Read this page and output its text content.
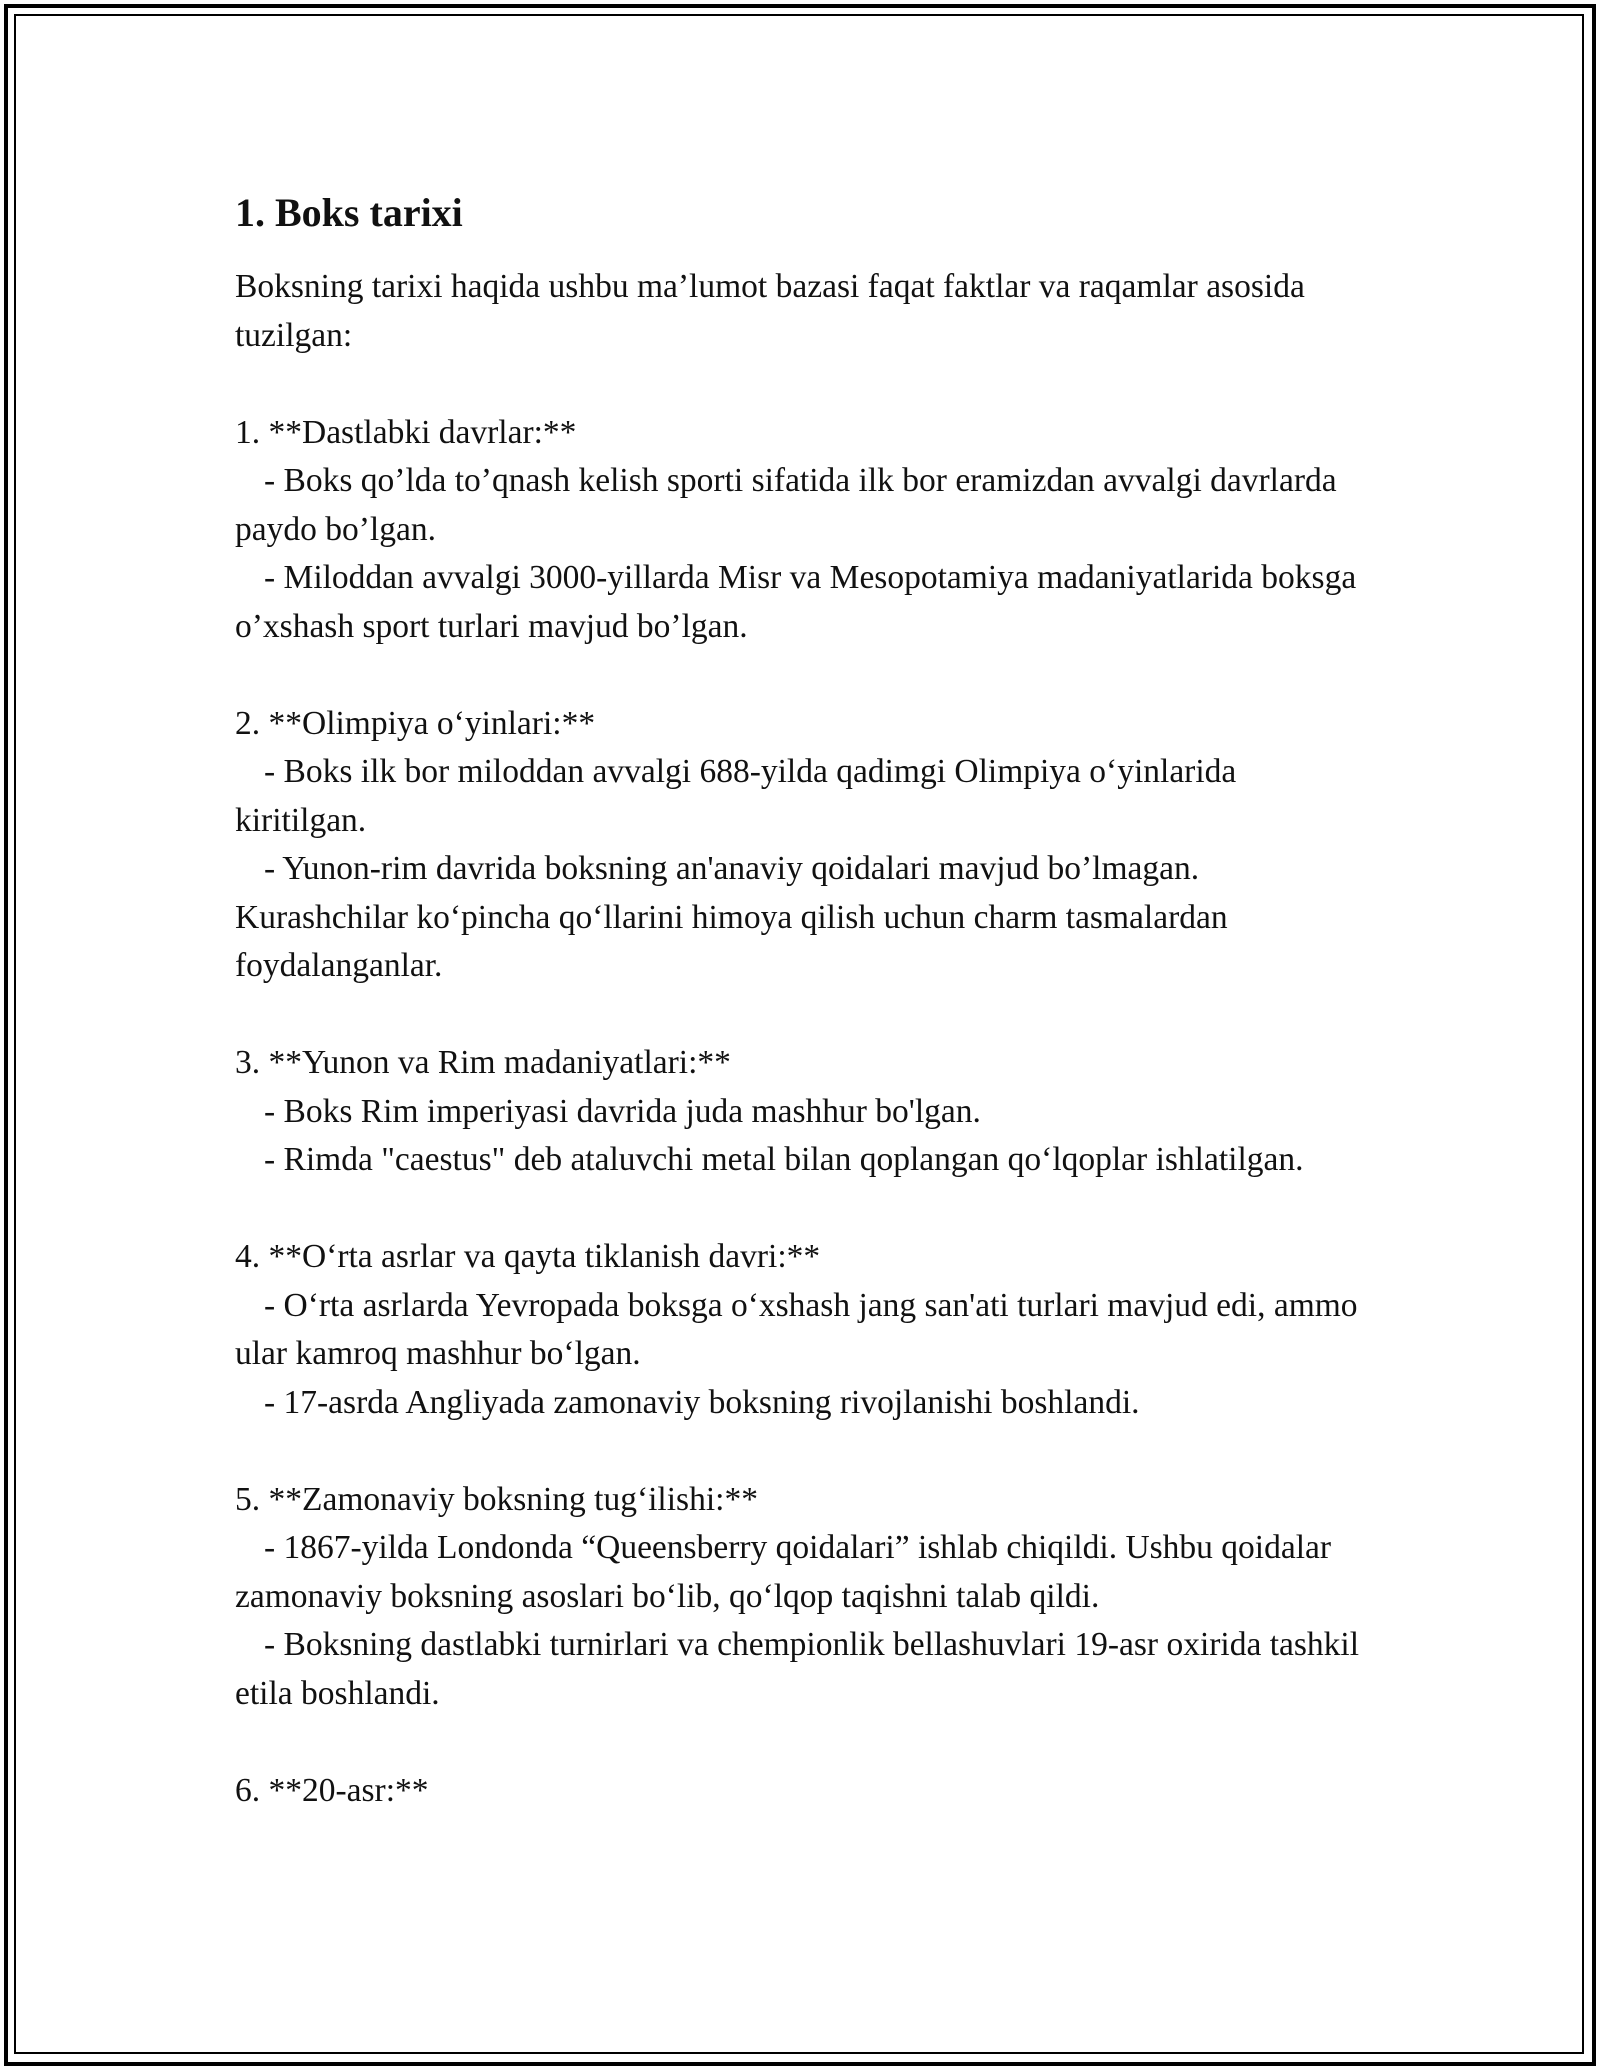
1. Boks tarixi

Boksning tarixi haqida ushbu ma’lumot bazasi faqat faktlar va raqamlar asosida tuzilgan:

1. **Dastlabki davrlar:**

- Boks qo’lda to’qnash kelish sporti sifatida ilk bor eramizdan avvalgi davrlarda paydo bo’lgan.

- Miloddan avvalgi 3000-yillarda Misr va Mesopotamiya madaniyatlarida boksga o’xshash sport turlari mavjud bo’lgan.

2. **Olimpiya o‘yinlari:**

- Boks ilk bor miloddan avvalgi 688-yilda qadimgi Olimpiya o‘yinlarida kiritilgan.

- Yunon-rim davrida boksning an'anaviy qoidalari mavjud bo’lmagan. Kurashchilar ko‘pincha qo‘llarini himoya qilish uchun charm tasmalardan foydalanganlar.

3. **Yunon va Rim madaniyatlari:**

- Boks Rim imperiyasi davrida juda mashhur bo'lgan.

- Rimda "caestus" deb ataluvchi metal bilan qoplangan qo‘lqoplar ishlatilgan.

4. **O‘rta asrlar va qayta tiklanish davri:**

- O‘rta asrlarda Yevropada boksga o‘xshash jang san'ati turlari mavjud edi, ammo ular kamroq mashhur bo‘lgan.

- 17-asrda Angliyada zamonaviy boksning rivojlanishi boshlandi.

5. **Zamonaviy boksning tug‘ilishi:**

- 1867-yilda Londonda “Queensberry qoidalari” ishlab chiqildi. Ushbu qoidalar zamonaviy boksning asoslari bo‘lib, qo‘lqop taqishni talab qildi.

- Boksning dastlabki turnirlari va chempionlik bellashuvlari 19-asr oxirida tashkil etila boshlandi.

6. **20-asr:**
